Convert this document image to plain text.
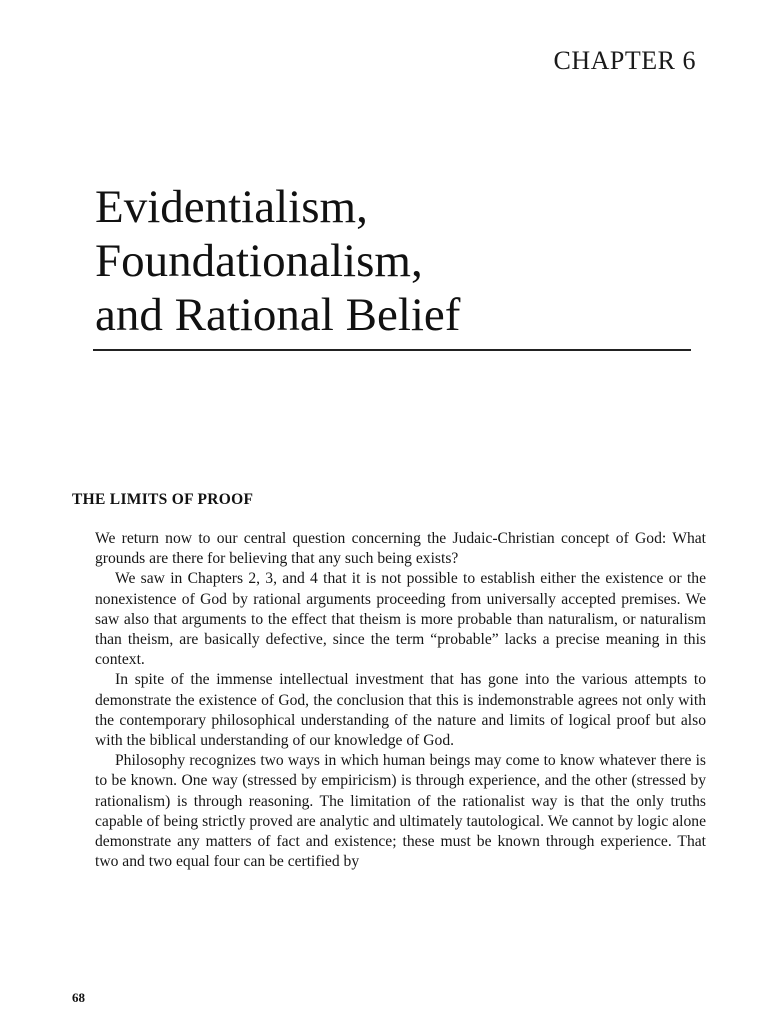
CHAPTER 6
Evidentialism,
Foundationalism,
and Rational Belief
THE LIMITS OF PROOF

We return now to our central question concerning the Judaic-Christian concept of God: What grounds are there for believing that any such being exists?

We saw in Chapters 2, 3, and 4 that it is not possible to establish either the existence or the nonexistence of God by rational arguments proceeding from universally accepted premises. We saw also that arguments to the effect that theism is more probable than naturalism, or naturalism than theism, are basically defective, since the term “probable” lacks a precise meaning in this context.

In spite of the immense intellectual investment that has gone into the various attempts to demonstrate the existence of God, the conclusion that this is indemonstrable agrees not only with the contemporary philosophical understanding of the nature and limits of logical proof but also with the biblical understanding of our knowledge of God.

Philosophy recognizes two ways in which human beings may come to know whatever there is to be known. One way (stressed by empiricism) is through experience, and the other (stressed by rationalism) is through reasoning. The limitation of the rationalist way is that the only truths capable of being strictly proved are analytic and ultimately tautological. We cannot by logic alone demonstrate any matters of fact and existence; these must be known through experience. That two and two equal four can be certified by

68
